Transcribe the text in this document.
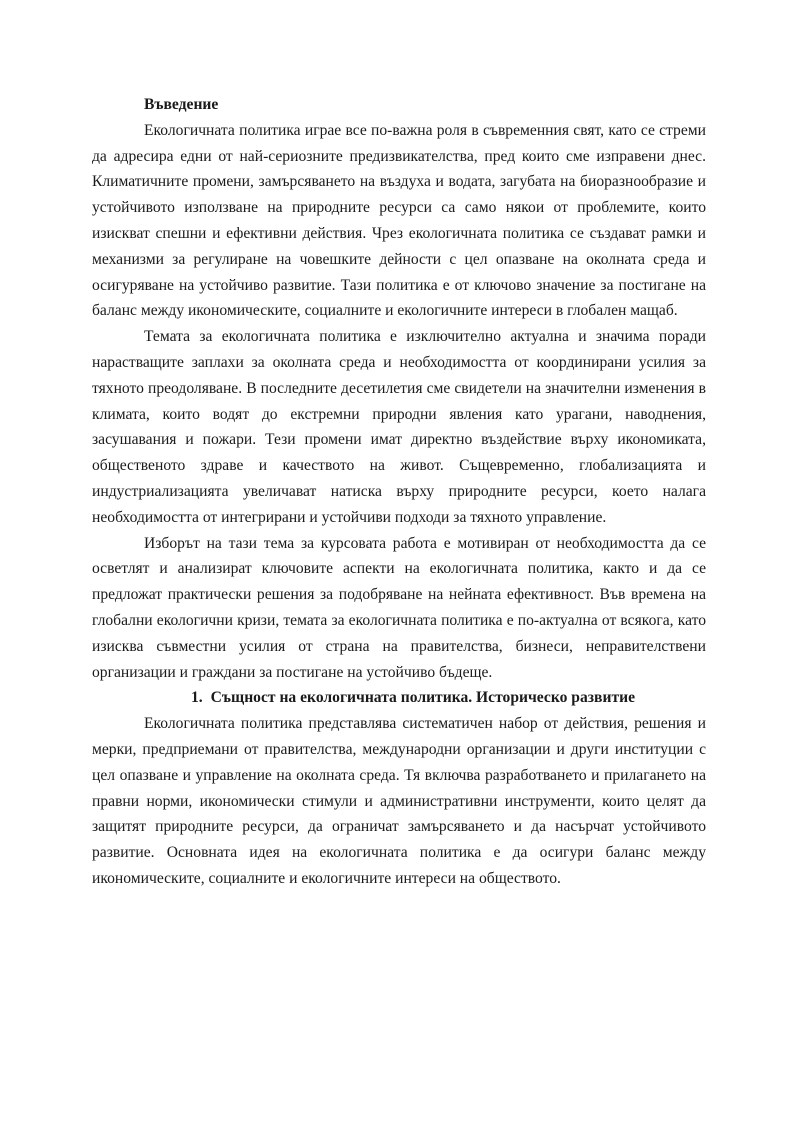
Въведение

Екологичната политика играе все по-важна роля в съвременния свят, като се стреми да адресира едни от най-сериозните предизвикателства, пред които сме изправени днес. Климатичните промени, замърсяването на въздуха и водата, загубата на биоразнообразие и устойчивото използване на природните ресурси са само някои от проблемите, които изискват спешни и ефективни действия. Чрез екологичната политика се създават рамки и механизми за регулиране на човешките дейности с цел опазване на околната среда и осигуряване на устойчиво развитие. Тази политика е от ключово значение за постигане на баланс между икономическите, социалните и екологичните интереси в глобален мащаб.

Темата за екологичната политика е изключително актуална и значима поради нарастващите заплахи за околната среда и необходимостта от координирани усилия за тяхното преодоляване. В последните десетилетия сме свидетели на значителни изменения в климата, които водят до екстремни природни явления като урагани, наводнения, засушавания и пожари. Тези промени имат директно въздействие върху икономиката, общественото здраве и качеството на живот. Същевременно, глобализацията и индустриализацията увеличават натиска върху природните ресурси, което налага необходимостта от интегрирани и устойчиви подходи за тяхното управление.

Изборът на тази тема за курсовата работа е мотивиран от необходимостта да се осветлят и анализират ключовите аспекти на екологичната политика, както и да се предложат практически решения за подобряване на нейната ефективност. Във времена на глобални екологични кризи, темата за екологичната политика е по-актуална от всякога, като изисква съвместни усилия от страна на правителства, бизнеси, неправителствени организации и граждани за постигане на устойчиво бъдеще.

1. Същност на екологичната политика. Историческо развитие

Екологичната политика представлява систематичен набор от действия, решения и мерки, предприемани от правителства, международни организации и други институции с цел опазване и управление на околната среда. Тя включва разработването и прилагането на правни норми, икономически стимули и административни инструменти, които целят да защитят природните ресурси, да ограничат замърсяването и да насърчат устойчивото развитие. Основната идея на екологичната политика е да осигури баланс между икономическите, социалните и екологичните интереси на обществото.
